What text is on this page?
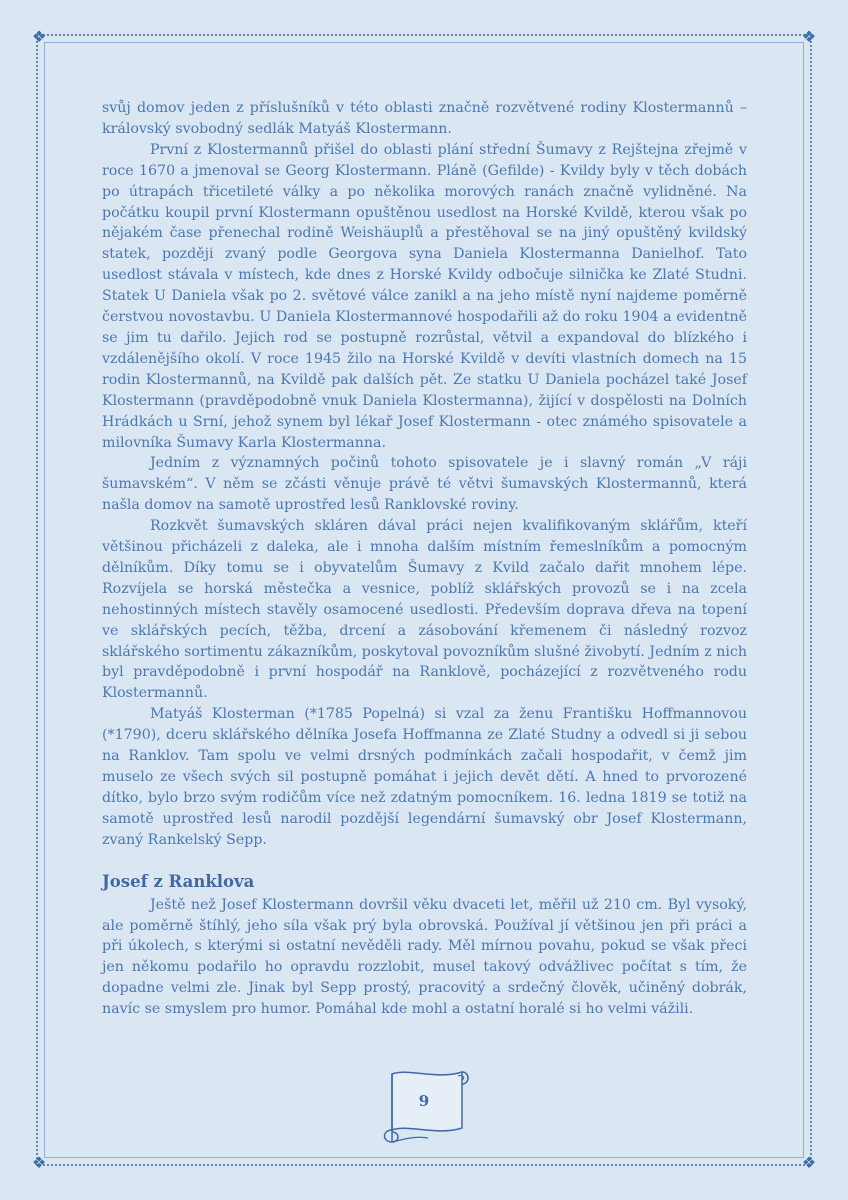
❖	❖
❖	❖

svůj domov jeden z příslušníků v této oblasti značně rozvětvené rodiny Klostermannů – královský svobodný sedlák Matyáš Klostermann.

První z Klostermannů přišel do oblasti plání střední Šumavy z Rejštejna zřejmě v roce 1670 a jmenoval se Georg Klostermann. Pláně (Gefilde) - Kvildy byly v těch dobách po útrapách třicetileté války a po několika morových ranách značně vylidněné. Na počátku koupil první Klostermann opuštěnou usedlost na Horské Kvildě, kterou však po nějakém čase přenechal rodině Weishäuplů a přestěhoval se na jiný opuštěný kvildský statek, později zvaný podle Georgova syna Daniela Klostermanna Danielhof. Tato usedlost stávala v místech, kde dnes z Horské Kvildy odbočuje silnička ke Zlaté Studni. Statek U Daniela však po 2. světové válce zanikl a na jeho místě nyní najdeme poměrně čerstvou novostavbu. U Daniela Klostermannové hospodařili až do roku 1904 a evidentně se jim tu dařilo. Jejich rod se postupně rozrůstal, větvil a expandoval do blízkého i vzdálenějšího okolí. V roce 1945 žilo na Horské Kvildě v devíti vlastních domech na 15 rodin Klostermannů, na Kvildě pak dalších pět. Ze statku U Daniela pocházel také Josef Klostermann (pravděpodobně vnuk Daniela Klostermanna), žijící v dospělosti na Dolních Hrádkách u Srní, jehož synem byl lékař Josef Klostermann - otec známého spisovatele a milovníka Šumavy Karla Klostermanna.

Jedním z významných počinů tohoto spisovatele je i slavný román „V ráji šumavském“. V něm se zčásti věnuje právě té větvi šumavských Klostermannů, která našla domov na samotě uprostřed lesů Ranklovské roviny.

Rozkvět šumavských skláren dával práci nejen kvalifikovaným sklářům, kteří většinou přicházeli z daleka, ale i mnoha dalším místním řemeslníkům a pomocným dělníkům. Díky tomu se i obyvatelům Šumavy z Kvild začalo dařit mnohem lépe. Rozvíjela se horská městečka a vesnice, poblíž sklářských provozů se i na zcela nehostinných místech stavěly osamocené usedlosti. Především doprava dřeva na topení ve sklářských pecích, těžba, drcení a zásobování křemenem či následný rozvoz sklářského sortimentu zákazníkům, poskytoval povozníkům slušné živobytí. Jedním z nich byl pravděpodobně i první hospodář na Ranklově, pocházející z rozvětveného rodu Klostermannů.

Matyáš Klosterman (*1785 Popelná) si vzal za ženu Františku Hoffmannovou (*1790), dceru sklářského dělníka Josefa Hoffmanna ze Zlaté Studny a odvedl si ji sebou na Ranklov. Tam spolu ve velmi drsných podmínkách začali hospodařit, v čemž jim muselo ze všech svých sil postupně pomáhat i jejich devět dětí. A hned to prvorozené dítko, bylo brzo svým rodičům více než zdatným pomocníkem. 16. ledna 1819 se totiž na samotě uprostřed lesů narodil pozdější legendární šumavský obr Josef Klostermann, zvaný Rankelský Sepp.

Josef z Ranklova

Ještě než Josef Klostermann dovršil věku dvaceti let, měřil už 210 cm. Byl vysoký, ale poměrně štíhlý, jeho síla však prý byla obrovská. Používal jí většinou jen při práci a při úkolech, s kterými si ostatní nevěděli rady. Měl mírnou povahu, pokud se však přeci jen někomu podařilo ho opravdu rozzlobit, musel takový odvážlivec počítat s tím, že dopadne velmi zle. Jinak byl Sepp prostý, pracovitý a srdečný člověk, učiněný dobrák, navíc se smyslem pro humor. Pomáhal kde mohl a ostatní horalé si ho velmi vážili.

9
